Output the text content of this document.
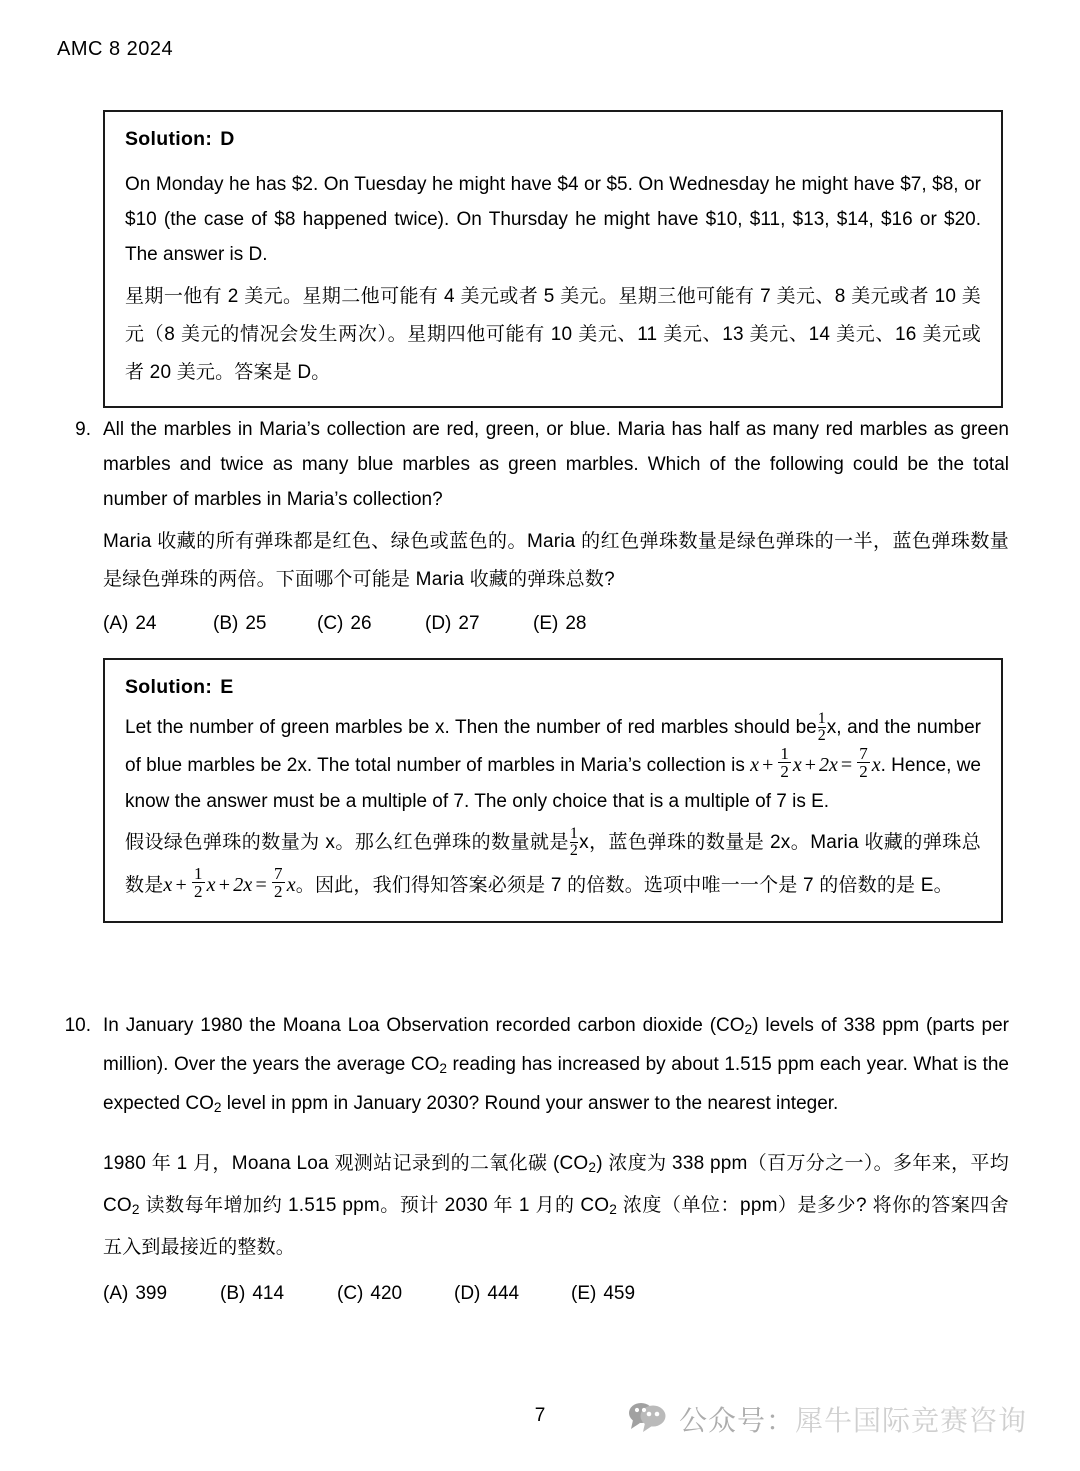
AMC 8 2024
Solution: D

On Monday he has $2. On Tuesday he might have $4 or $5. On Wednesday he might have $7, $8, or $10 (the case of $8 happened twice). On Thursday he might have $10, $11, $13, $14, $16 or $20. The answer is D.

星期一他有 2 美元。星期二他可能有 4 美元或者 5 美元。星期三他可能有 7 美元、8 美元或者 10 美元（8 美元的情况会发生两次）。星期四他可能有 10 美元、11 美元、13 美元、14 美元、16 美元或者 20 美元。答案是 D。

9. All the marbles in Maria’s collection are red, green, or blue. Maria has half as many red marbles as green marbles and twice as many blue marbles as green marbles. Which of the following could be the total number of marbles in Maria’s collection?

Maria 收藏的所有弹珠都是红色、绿色或蓝色的。Maria 的红色弹珠数量是绿色弹珠的一半，蓝色弹珠数量是绿色弹珠的两倍。下面哪个可能是 Maria 收藏的弹珠总数?

(A) 24	(B) 25	(C) 26	(D) 27	(E) 28
Solution: E

Let the number of green marbles be x. Then the number of red marbles should be $\frac{1}{2} x$, and the number of blue marbles be 2x. The total number of marbles in Maria’s collection is $x + \frac{1}{2}$ $x + 2x = \frac{7}{2} x$. Hence, we know the answer must be a multiple of 7. The only choice that is a multiple of 7 is E.

假设绿色弹珠的数量为 x。那么红色弹珠的数量就是 $\frac{1}{2}$ x，蓝色弹珠的数量是 2x。Maria 收藏的弹珠总数是$x + \frac{1}{2}$ $x + 2x = \frac{7}{2}$ x。因此，我们得知答案必须是 7 的倍数。选项中唯一一个是 7 的倍数的是 E。

10. In January 1980 the Moana Loa Observation recorded carbon dioxide $(CO_2)$ levels of 338 ppm (parts per million). Over the years the average $CO_2$ reading has increased by about 1.515 ppm each year. What is the expected $CO_2$ level in ppm in January 2030? Round your answer to the nearest integer.

1980 年 1 月，Moana Loa 观测站记录到的二氧化碳 $(CO_2)$ 浓度为 338 ppm（百万分之一）。多年来，平均 $CO_2$ 读数每年增加约 1.515 ppm。预计 2030 年 1 月的 $CO_2$ 浓度（单位：ppm）是多少? 将你的答案四舍五入到最接近的整数。

(A) 399	(B) 414	(C) 420	(D) 444	(E) 459
7	公众号：犀牛国际竞赛咨询
